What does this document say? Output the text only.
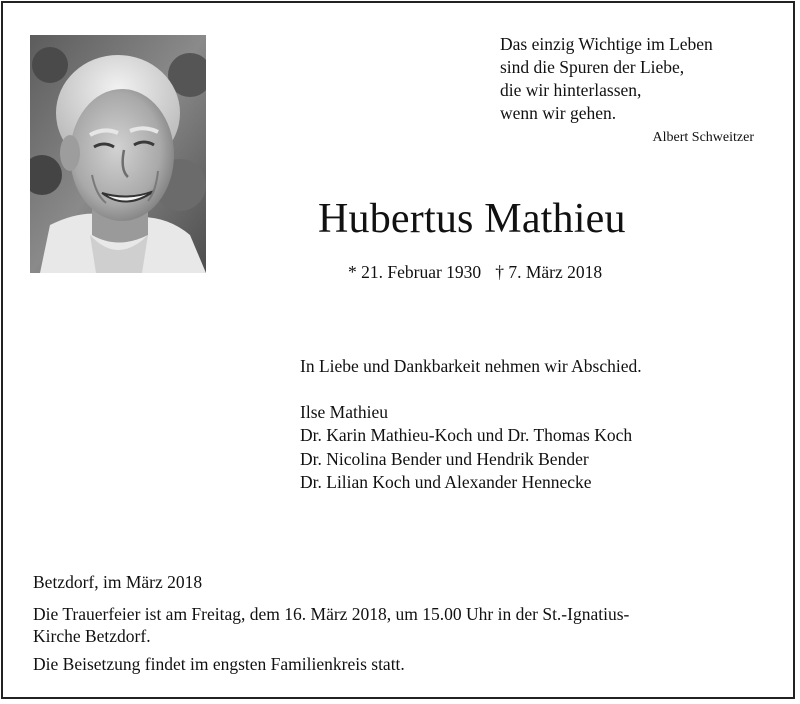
Das einzig Wichtige im Leben
sind die Spuren der Liebe,
die wir hinterlassen,
wenn wir gehen.
Albert Schweitzer
Hubertus Mathieu
* 21. Februar 1930 † 7. März 2018
In Liebe und Dankbarkeit nehmen wir Abschied.
Ilse Mathieu
Dr. Karin Mathieu-Koch und Dr. Thomas Koch
Dr. Nicolina Bender und Hendrik Bender
Dr. Lilian Koch und Alexander Hennecke
Betzdorf, im März 2018
Die Trauerfeier ist am Freitag, dem 16. März 2018, um 15.00 Uhr in der St.-Ignatius-
Kirche Betzdorf.
Die Beisetzung findet im engsten Familienkreis statt.
